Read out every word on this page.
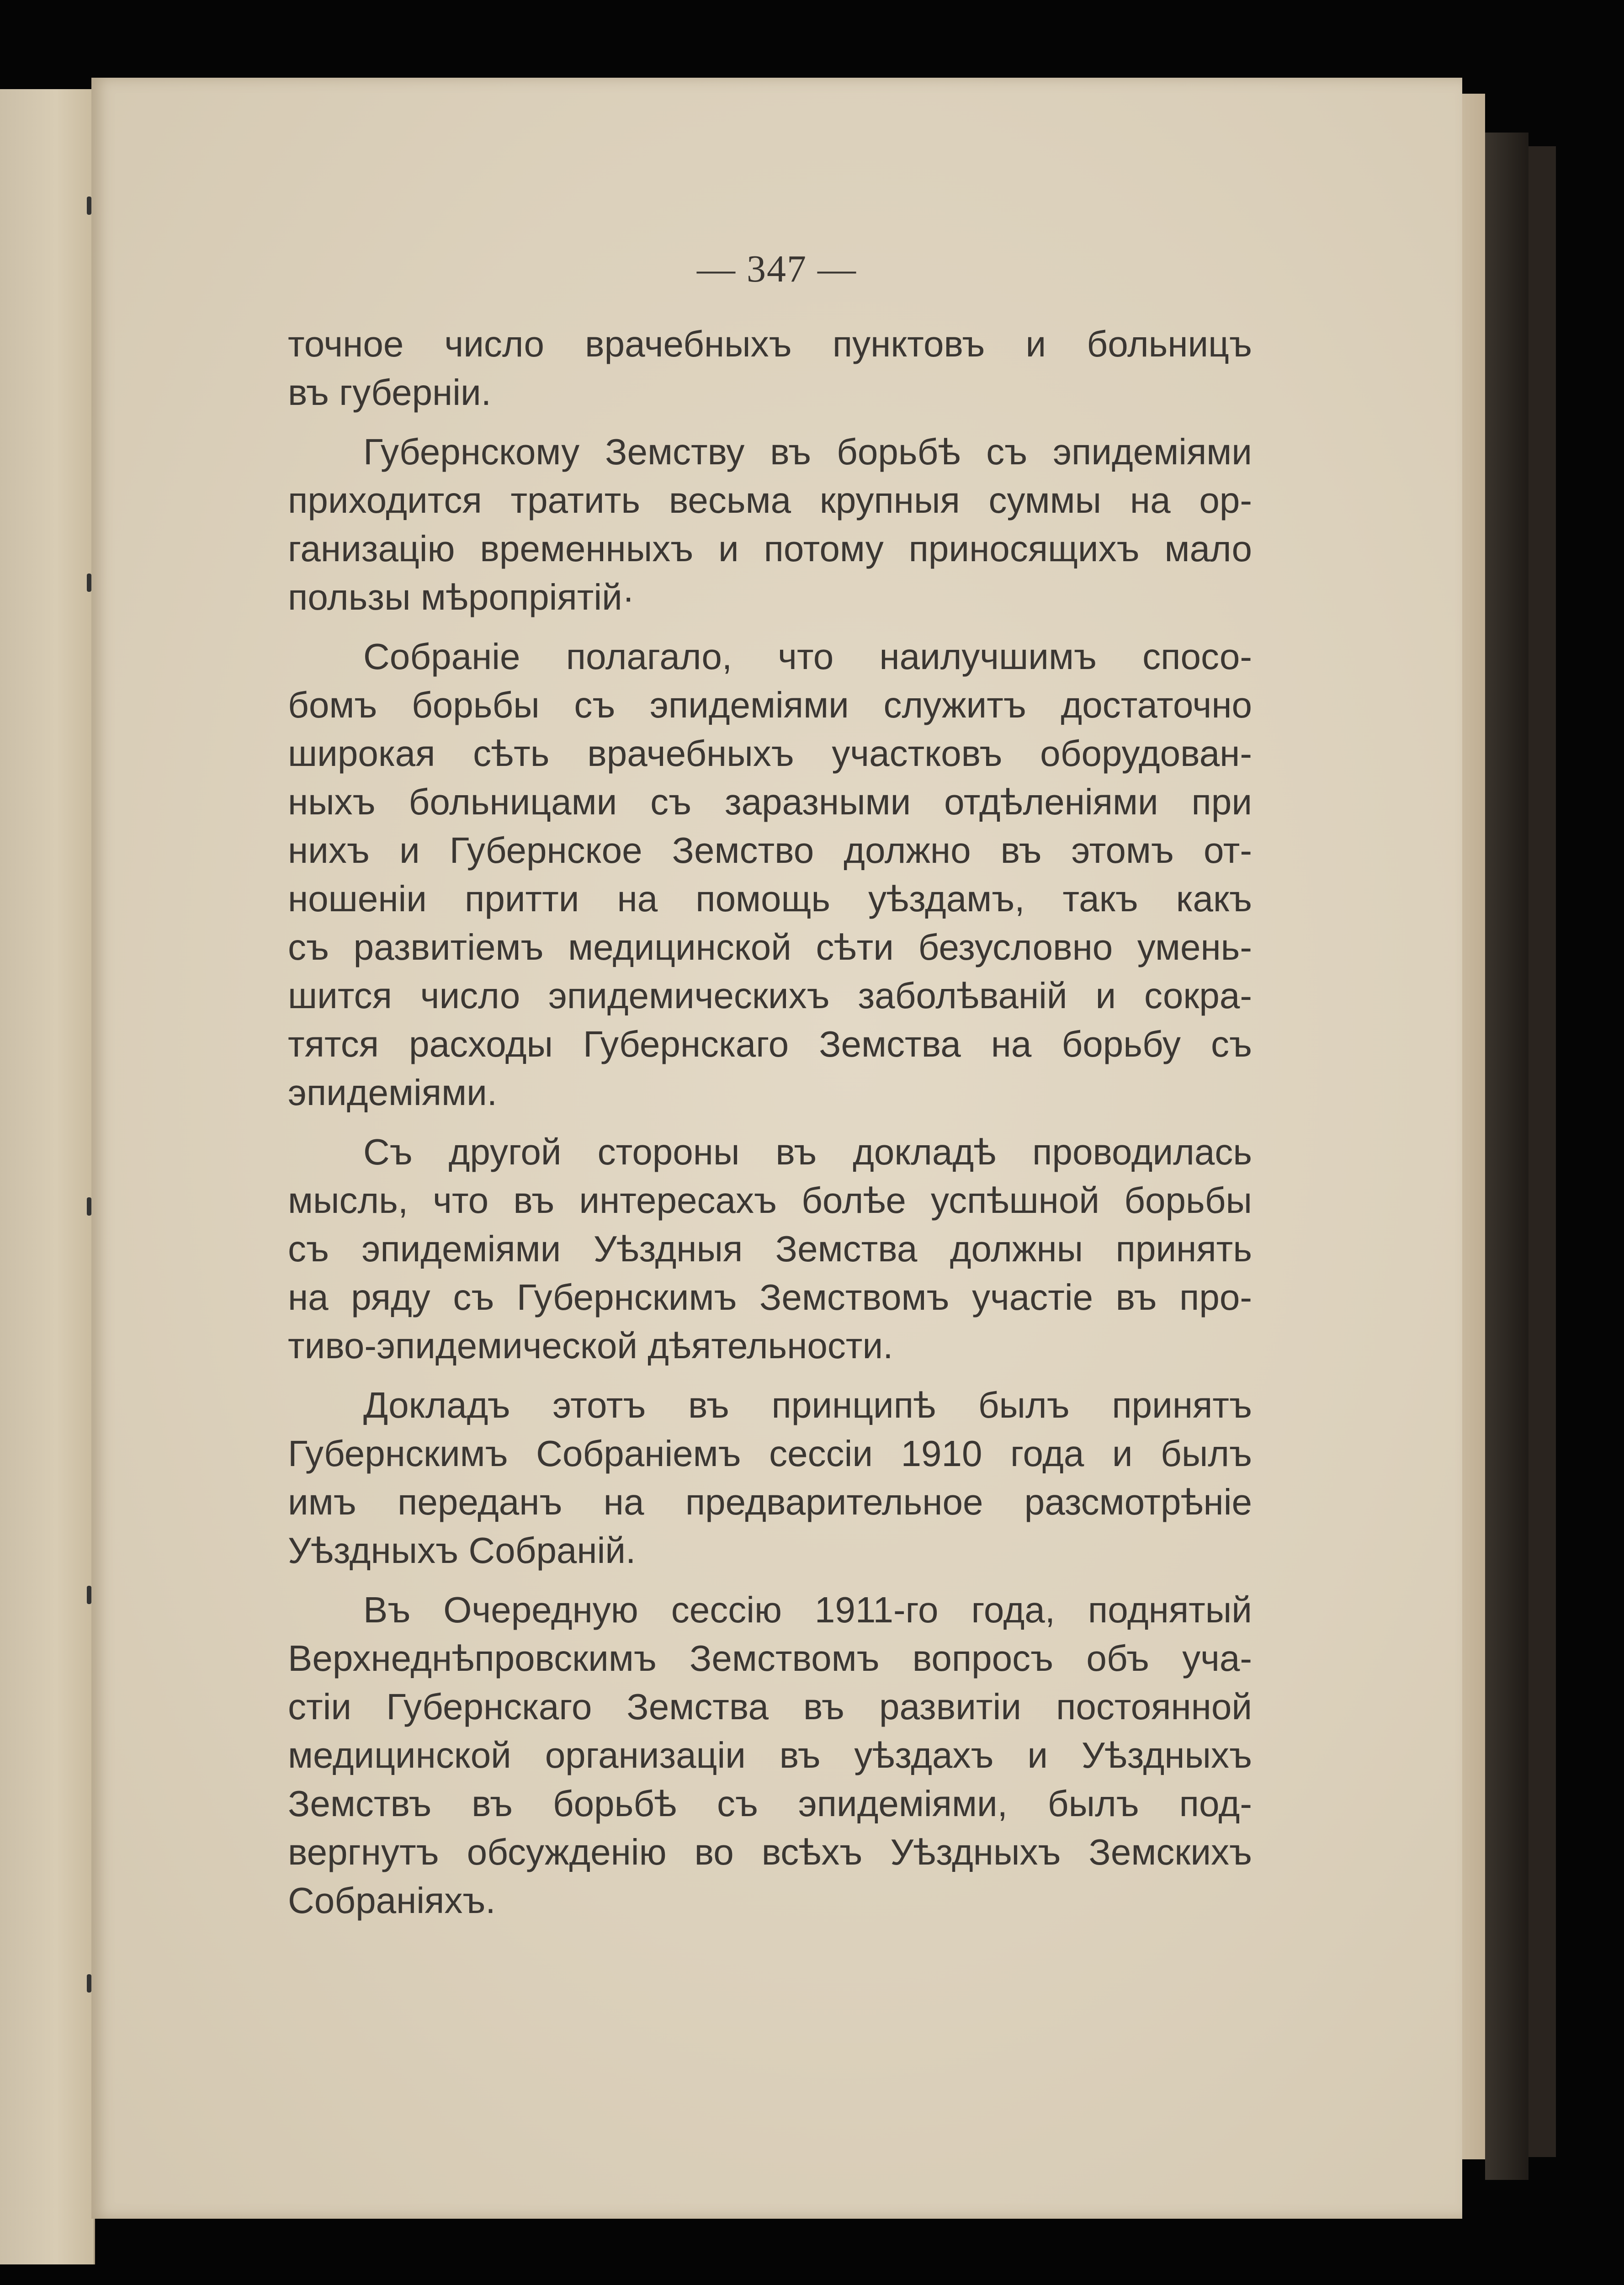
— 347 —
точное число врачебныхъ пунктовъ и больницъ
въ губерніи.
Губернскому Земству въ борьбѣ съ эпидеміями
приходится тратить весьма крупныя суммы на ор-
ганизацію временныхъ и потому приносящихъ мало
пользы мѣропріятій·
Собраніе полагало, что наилучшимъ спосо-
бомъ борьбы съ эпидеміями служитъ достаточно
широкая сѣть врачебныхъ участковъ оборудован-
ныхъ больницами съ заразными отдѣленіями при
нихъ и Губернское Земство должно въ этомъ от-
ношеніи притти на помощь уѣздамъ, такъ какъ
съ развитіемъ медицинской сѣти безусловно умень-
шится число эпидемическихъ заболѣваній и сокра-
тятся расходы Губернскаго Земства на борьбу съ
эпидеміями.
Съ другой стороны въ докладѣ проводилась
мысль, что въ интересахъ болѣе успѣшной борьбы
съ эпидеміями Уѣздныя Земства должны принять
на ряду съ Губернскимъ Земствомъ участіе въ про-
тиво-эпидемической дѣятельности.
Докладъ этотъ въ принципѣ былъ принятъ
Губернскимъ Собраніемъ сессіи 1910 года и былъ
имъ переданъ на предварительное разсмотрѣніе
Уѣздныхъ Собраній.
Въ Очередную сессію 1911-го года, поднятый
Верхнеднѣпровскимъ Земствомъ вопросъ объ уча-
стіи Губернскаго Земства въ развитіи постоянной
медицинской организаціи въ уѣздахъ и Уѣздныхъ
Земствъ въ борьбѣ съ эпидеміями, былъ под-
вергнутъ обсужденію во всѣхъ Уѣздныхъ Земскихъ
Собраніяхъ.
